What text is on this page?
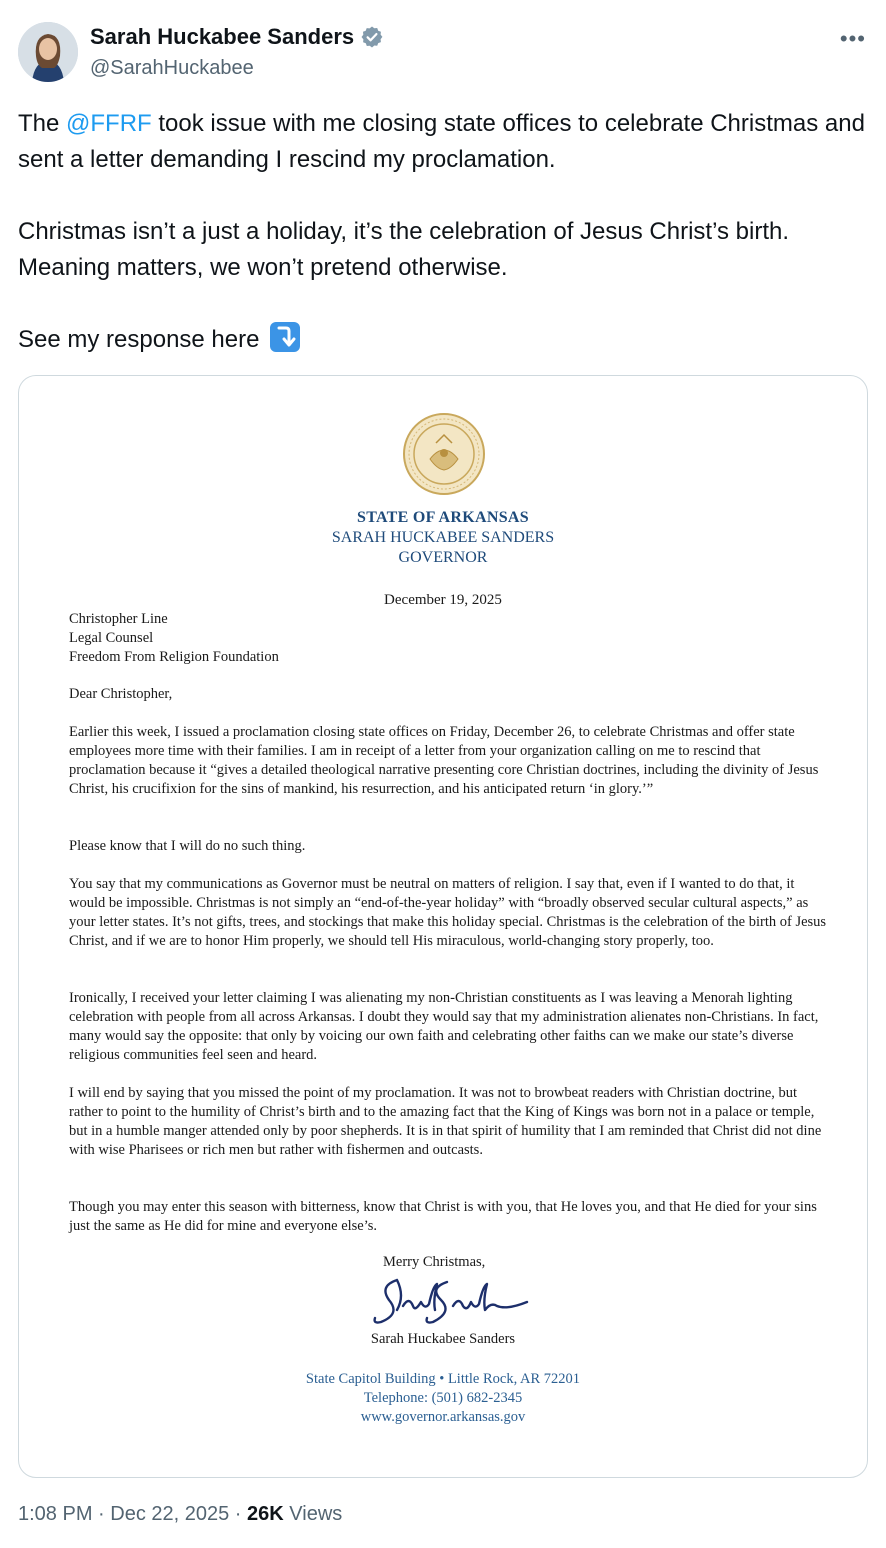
Sarah Huckabee Sanders
@SarahHuckabee
•••

The @FFRF took issue with me closing state offices to celebrate Christmas and sent a letter demanding I rescind my proclamation.

Christmas isn’t a just a holiday, it’s the celebration of Jesus Christ’s birth. Meaning matters, we won’t pretend otherwise.

See my response here

STATE OF ARKANSAS
SARAH HUCKABEE SANDERS
GOVERNOR
December 19, 2025
Christopher Line
Legal Counsel
Freedom From Religion Foundation
Dear Christopher,
Earlier this week, I issued a proclamation closing state offices on Friday, December 26, to celebrate Christmas and offer state employees more time with their families. I am in receipt of a letter from your organization calling on me to rescind that proclamation because it “gives a detailed theological narrative presenting core Christian doctrines, including the divinity of Jesus Christ, his crucifixion for the sins of mankind, his resurrection, and his anticipated return ‘in glory.’”
Please know that I will do no such thing.
You say that my communications as Governor must be neutral on matters of religion. I say that, even if I wanted to do that, it would be impossible. Christmas is not simply an “end-of-the-year holiday” with “broadly observed secular cultural aspects,” as your letter states. It’s not gifts, trees, and stockings that make this holiday special. Christmas is the celebration of the birth of Jesus Christ, and if we are to honor Him properly, we should tell His miraculous, world-changing story properly, too.
Ironically, I received your letter claiming I was alienating my non-Christian constituents as I was leaving a Menorah lighting celebration with people from all across Arkansas. I doubt they would say that my administration alienates non-Christians. In fact, many would say the opposite: that only by voicing our own faith and celebrating other faiths can we make our state’s diverse religious communities feel seen and heard.
I will end by saying that you missed the point of my proclamation. It was not to browbeat readers with Christian doctrine, but rather to point to the humility of Christ’s birth and to the amazing fact that the King of Kings was born not in a palace or temple, but in a humble manger attended only by poor shepherds. It is in that spirit of humility that I am reminded that Christ did not dine with wise Pharisees or rich men but rather with fishermen and outcasts.
Though you may enter this season with bitterness, know that Christ is with you, that He loves you, and that He died for your sins just the same as He did for mine and everyone else’s.
Merry Christmas,
Sarah Huckabee Sanders
State Capitol Building • Little Rock, AR 72201
Telephone: (501) 682-2345
www.governor.arkansas.gov
1:08 PM · Dec 22, 2025 · 26K Views
